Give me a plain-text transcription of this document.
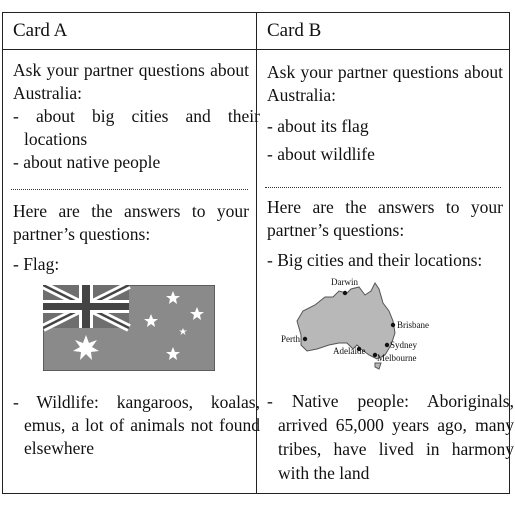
Card A
Ask your partner questions about Australia:
- about big cities and their locations
- about native people
Here are the answers to your partner’s questions:
- Flag:
- Wildlife: kangaroos, koalas, emus, a lot of animals not found elsewhere
Card B
Ask your partner questions about Australia:
- about its flag
- about wildlife
Here are the answers to your partner’s questions:
- Big cities and their locations:
Darwin
Brisbane
Perth
Sydney
Adelaide
Melbourne
- Native people: Aboriginals, arrived 65,000 years ago, many tribes, have lived in harmony with the land
